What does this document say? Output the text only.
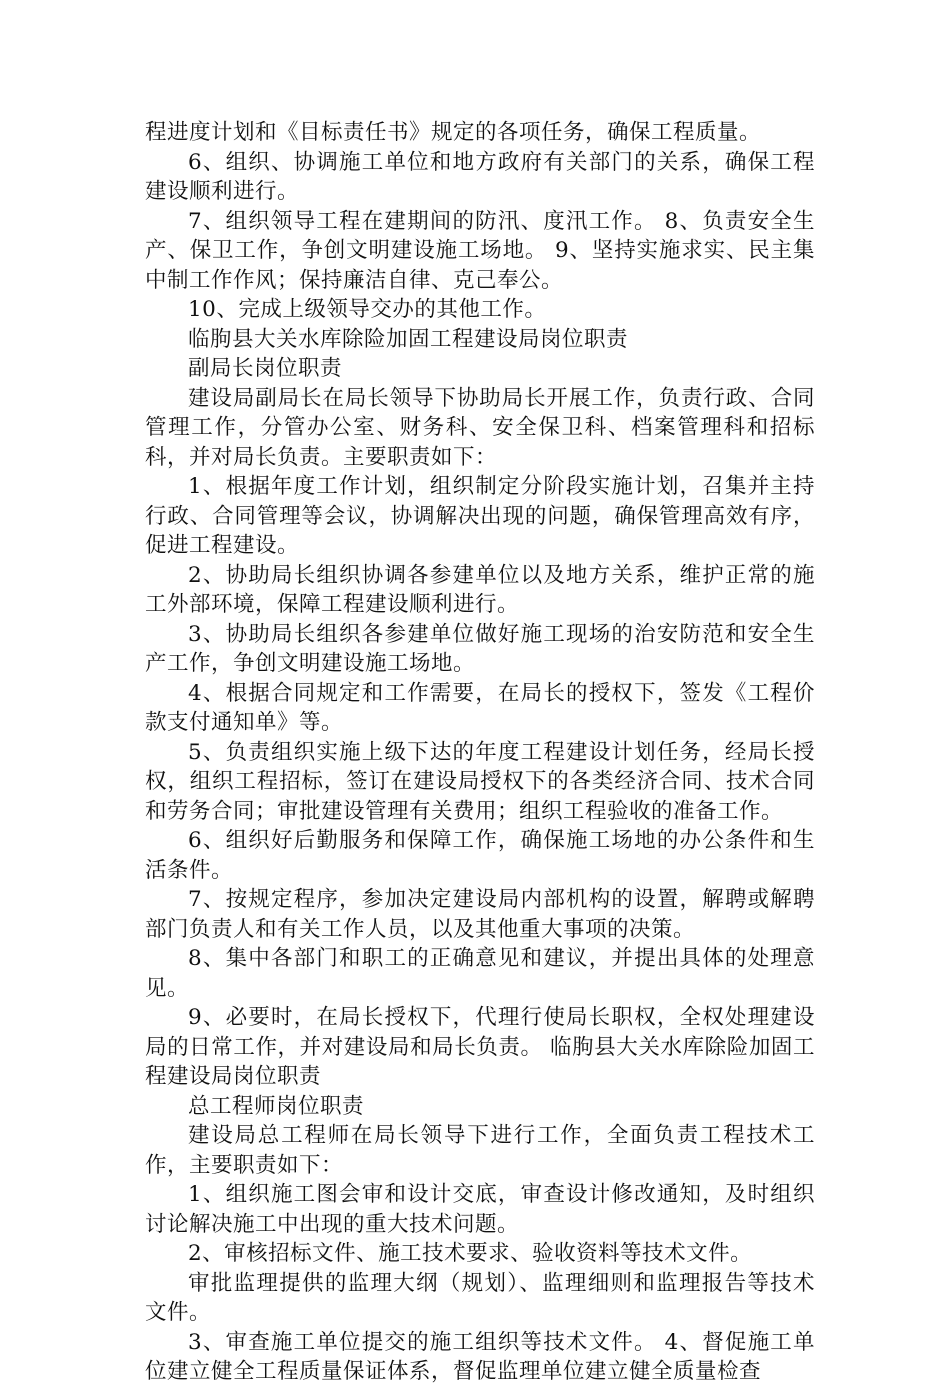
程进度计划和《目标责任书》规定的各项任务，确保工程质量。

6、组织、协调施工单位和地方政府有关部门的关系，确保工程建设顺利进行。

7、组织领导工程在建期间的防汛、度汛工作。 8、负责安全生产、保卫工作，争创文明建设施工场地。 9、坚持实施求实、民主集中制工作作风；保持廉洁自律、克己奉公。

10、完成上级领导交办的其他工作。

临朐县大关水库除险加固工程建设局岗位职责

副局长岗位职责

建设局副局长在局长领导下协助局长开展工作，负责行政、合同管理工作，分管办公室、财务科、安全保卫科、档案管理科和招标科，并对局长负责。主要职责如下：

1、根据年度工作计划，组织制定分阶段实施计划，召集并主持行政、合同管理等会议，协调解决出现的问题，确保管理高效有序，促进工程建设。

2、协助局长组织协调各参建单位以及地方关系，维护正常的施工外部环境，保障工程建设顺利进行。

3、协助局长组织各参建单位做好施工现场的治安防范和安全生产工作，争创文明建设施工场地。

4、根据合同规定和工作需要，在局长的授权下，签发《工程价款支付通知单》等。

5、负责组织实施上级下达的年度工程建设计划任务，经局长授权，组织工程招标，签订在建设局授权下的各类经济合同、技术合同和劳务合同；审批建设管理有关费用；组织工程验收的准备工作。

6、组织好后勤服务和保障工作，确保施工场地的办公条件和生活条件。

7、按规定程序，参加决定建设局内部机构的设置，解聘或解聘部门负责人和有关工作人员，以及其他重大事项的决策。

8、集中各部门和职工的正确意见和建议，并提出具体的处理意见。

9、必要时，在局长授权下，代理行使局长职权，全权处理建设局的日常工作，并对建设局和局长负责。 临朐县大关水库除险加固工程建设局岗位职责

总工程师岗位职责

建设局总工程师在局长领导下进行工作，全面负责工程技术工作，主要职责如下：

1、组织施工图会审和设计交底，审查设计修改通知，及时组织讨论解决施工中出现的重大技术问题。

2、审核招标文件、施工技术要求、验收资料等技术文件。

审批监理提供的监理大纲（规划）、监理细则和监理报告等技术文件。

3、审查施工单位提交的施工组织等技术文件。 4、督促施工单位建立健全工程质量保证体系，督促监理单位建立健全质量检查
